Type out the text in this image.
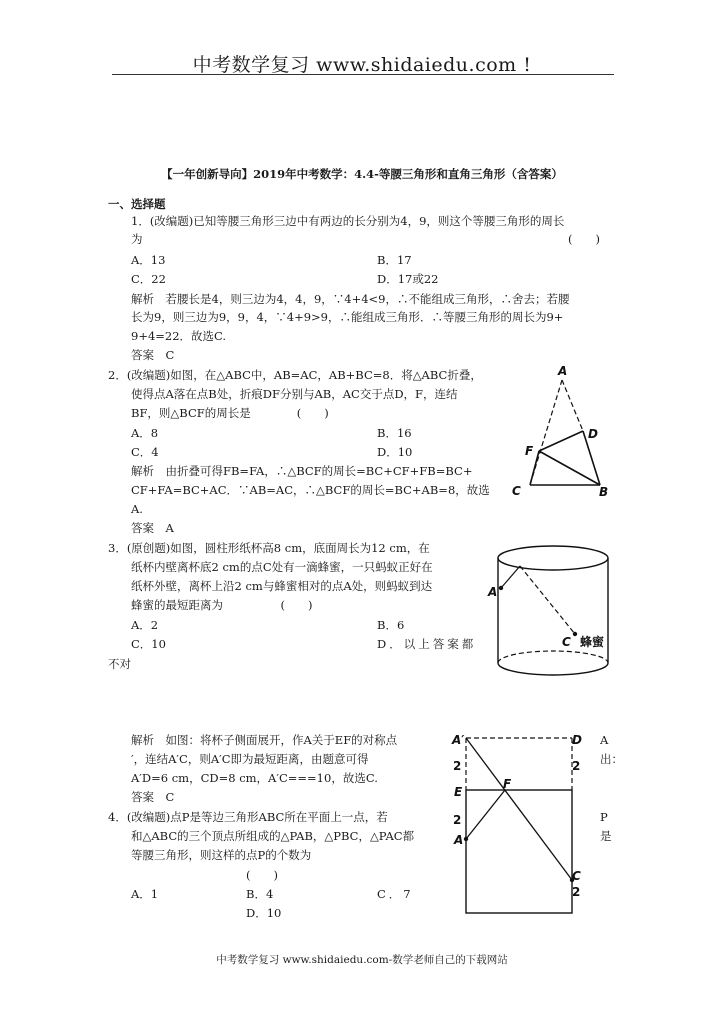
中考数学复习 www.shidaiedu.com !
【一年创新导向】2019年中考数学：4.4-等腰三角形和直角三角形（含答案）
一、选择题
1．(改编题)已知等腰三角形三边中有两边的长分别为4，9，则这个等腰三角形的周长
为	(　　)
A．13	B．17
C．22	D．17或22
解析　若腰长是4，则三边为4，4，9，∵4+4<9，∴不能组成三角形，∴舍去；若腰
长为9，则三边为9，9，4，∵4+9>9，∴能组成三角形．∴等腰三角形的周长为9+
9+4=22．故选C.
答案　C
2．(改编题)如图，在△ABC中，AB=AC，AB+BC=8．将△ABC折叠，
使得点A落在点B处，折痕DF分别与AB，AC交于点D，F，连结
BF，则△BCF的周长是　　　　(　　)
A．8	B．16
C．4	D．10
解析　由折叠可得FB=FA，∴△BCF的周长=BC+CF+FB=BC+
CF+FA=BC+AC．∵AB=AC，∴△BCF的周长=BC+AB=8，故选
A.
答案　A
A
D
F
C	B
3．(原创题)如图，圆柱形纸杯高8 cm，底面周长为12 cm，在
纸杯内壁离杯底2 cm的点C处有一滴蜂蜜，一只蚂蚁正好在
纸杯外壁，离杯上沿2 cm与蜂蜜相对的点A处，则蚂蚁到达
蜂蜜的最短距离为　　　　　(　　)
A．2	B．6
C．10	D．以上答案都
不对
A
C 蜂蜜
解析　如图：将杯子侧面展开，作A关于EF的对称点
′，连结A′C，则A′C即为最短距离，由题意可得
A′D=6 cm，CD=8 cm，A′C===10，故选C.
答案　C
A
出：
A′	D
E
F
A
C
2	2
2
2
4．(改编题)点P是等边三角形ABC所在平面上一点，若
和△ABC的三个顶点所组成的△PAB，△PBC，△PAC都
等腰三角形，则这样的点P的个数为
(　　)
P
是
A．1	B．4	C．7
D．10
中考数学复习 www.shidaiedu.com-数学老师自己的下载网站
